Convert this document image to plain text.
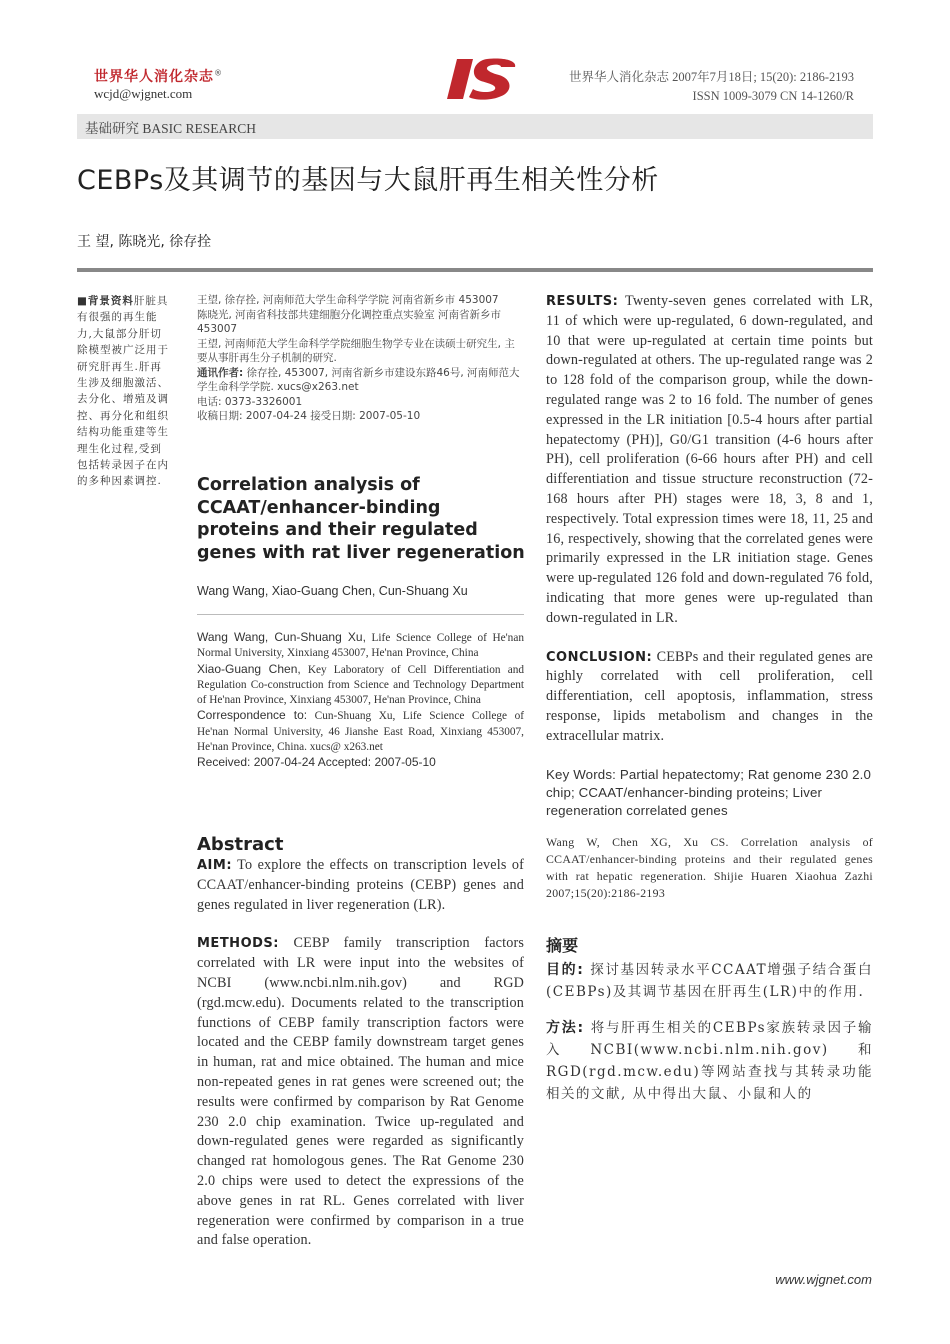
世界华人消化杂志®
wcjd@wjgnet.com
世界华人消化杂志 2007年7月18日; 15(20): 2186-2193
ISSN 1009-3079 CN 14-1260/R
基础研究 BASIC RESEARCH
CEBPs及其调节的基因与大鼠肝再生相关性分析
王 望, 陈晓光, 徐存拴
■背景资料肝脏具有很强的再生能力,大鼠部分肝切除模型被广泛用于研究肝再生.肝再生涉及细胞激活、去分化、增殖及调控、再分化和组织结构功能重建等生理生化过程,受到包括转录因子在内的多种因素调控.

王望, 徐存拴, 河南师范大学生命科学学院 河南省新乡市 453007

陈晓光, 河南省科技部共建细胞分化调控重点实验室 河南省新乡市 453007

王望, 河南师范大学生命科学学院细胞生物学专业在读硕士研究生, 主要从事肝再生分子机制的研究.

通讯作者: 徐存拴, 453007, 河南省新乡市建设东路46号, 河南师范大学生命科学学院. xucs@x263.net

电话: 0373-3326001

收稿日期: 2007-04-24 接受日期: 2007-05-10

Correlation analysis of CCAAT/enhancer-binding proteins and their regulated genes with rat liver regeneration
Wang Wang, Xiao-Guang Chen, Cun-Shuang Xu

Wang Wang, Cun-Shuang Xu, Life Science College of He'nan Normal University, Xinxiang 453007, He'nan Province, China

Xiao-Guang Chen, Key Laboratory of Cell Differentiation and Regulation Co-construction from Science and Technology Department of He'nan Province, Xinxiang 453007, He'nan Province, China

Correspondence to: Cun-Shuang Xu, Life Science College of He'nan Normal University, 46 Jianshe East Road, Xinxiang 453007, He'nan Province, China. xucs@ x263.net

Received: 2007-04-24 Accepted: 2007-05-10

Abstract

AIM: To explore the effects on transcription levels of CCAAT/enhancer-binding proteins (CEBP) genes and genes regulated in liver regeneration (LR).

METHODS: CEBP family transcription factors correlated with LR were input into the websites of NCBI (www.ncbi.nlm.nih.gov) and RGD (rgd.mcw.edu). Documents related to the transcription functions of CEBP family transcription factors were located and the CEBP family downstream target genes in human, rat and mice obtained. The human and mice non-repeated genes in rat genes were screened out; the results were confirmed by comparison by Rat Genome 230 2.0 chip examination. Twice up-regulated and down-regulated genes were regarded as significantly changed rat homologous genes. The Rat Genome 230 2.0 chips were used to detect the expressions of the above genes in rat RL. Genes correlated with liver regeneration were confirmed by comparison in a true and false operation.

RESULTS: Twenty-seven genes correlated with LR, 11 of which were up-regulated, 6 down-regulated, and 10 that were up-regulated at certain time points but down-regulated at others. The up-regulated range was 2 to 128 fold of the comparison group, while the down-regulated range was 2 to 16 fold. The number of genes expressed in the LR initiation [0.5-4 hours after partial hepatectomy (PH)], G0/G1 transition (4-6 hours after PH), cell proliferation (6-66 hours after PH) and cell differentiation and tissue structure reconstruction (72-168 hours after PH) stages were 18, 3, 8 and 1, respectively. Total expression times were 18, 11, 25 and 16, respectively, showing that the correlated genes were primarily expressed in the LR initiation stage. Genes were up-regulated 126 fold and down-regulated 76 fold, indicating that more genes were up-regulated than down-regulated in LR.

CONCLUSION: CEBPs and their regulated genes are highly correlated with cell proliferation, cell differentiation, cell apoptosis, inflammation, stress response, lipids metabolism and changes in the extracellular matrix.

Key Words: Partial hepatectomy; Rat genome 230 2.0 chip; CCAAT/enhancer-binding proteins; Liver regeneration correlated genes

Wang W, Chen XG, Xu CS. Correlation analysis of CCAAT/enhancer-binding proteins and their regulated genes with rat hepatic regeneration. Shijie Huaren Xiaohua Zazhi 2007;15(20):2186-2193

摘要

目的: 探讨基因转录水平CCAAT增强子结合蛋白(CEBPs)及其调节基因在肝再生(LR)中的作用.

方法: 将与肝再生相关的CEBPs家族转录因子输入NCBI(www.ncbi.nlm.nih.gov)和RGD(rgd.mcw.edu)等网站查找与其转录功能相关的文献, 从中得出大鼠、小鼠和人的

www.wjgnet.com
